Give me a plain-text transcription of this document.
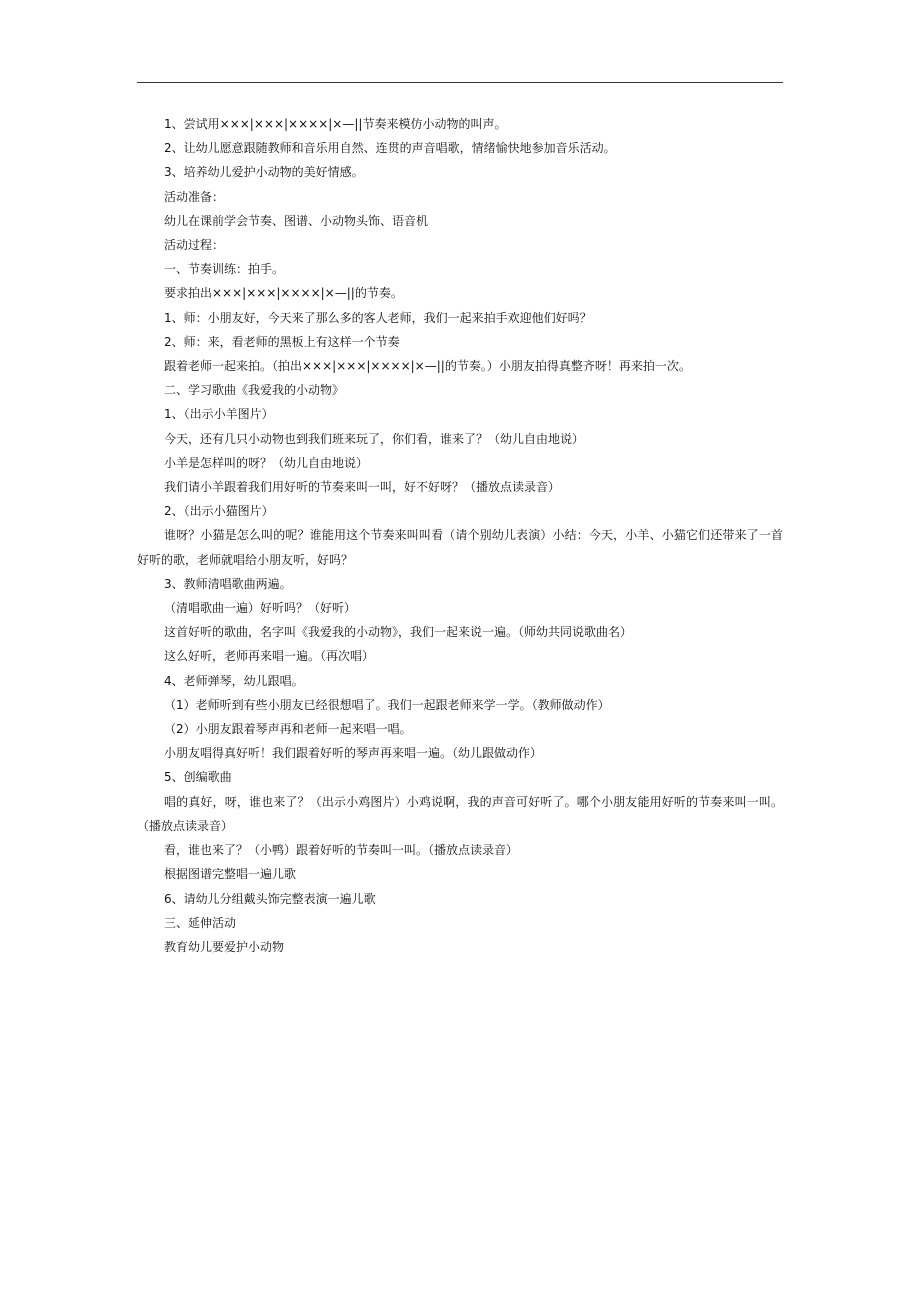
1、尝试用×××|×××|××××|×—||节奏来模仿小动物的叫声。
2、让幼儿愿意跟随教师和音乐用自然、连贯的声音唱歌，情绪愉快地参加音乐活动。
3、培养幼儿爱护小动物的美好情感。
活动准备：
幼儿在课前学会节奏、图谱、小动物头饰、语音机
活动过程：
一、节奏训练：拍手。
要求拍出×××|×××|××××|×—||的节奏。
1、师：小朋友好，今天来了那么多的客人老师，我们一起来拍手欢迎他们好吗？
2、师：来，看老师的黑板上有这样一个节奏
跟着老师一起来拍。（拍出×××|×××|××××|×—||的节奏。）小朋友拍得真整齐呀！再来拍一次。
二、学习歌曲《我爱我的小动物》
1、（出示小羊图片）
今天，还有几只小动物也到我们班来玩了，你们看，谁来了？（幼儿自由地说）
小羊是怎样叫的呀？（幼儿自由地说）
我们请小羊跟着我们用好听的节奏来叫一叫，好不好呀？（播放点读录音）
2、（出示小猫图片）
谁呀？小猫是怎么叫的呢？谁能用这个节奏来叫叫看（请个别幼儿表演）小结：今天，小羊、小猫它们还带来了一首好听的歌，老师就唱给小朋友听，好吗？
3、教师清唱歌曲两遍。
（清唱歌曲一遍）好听吗？（好听）
这首好听的歌曲，名字叫《我爱我的小动物》，我们一起来说一遍。（师幼共同说歌曲名）
这么好听，老师再来唱一遍。（再次唱）
4、老师弹琴，幼儿跟唱。
（1）老师听到有些小朋友已经很想唱了。我们一起跟老师来学一学。（教师做动作）
（2）小朋友跟着琴声再和老师一起来唱一唱。
小朋友唱得真好听！我们跟着好听的琴声再来唱一遍。（幼儿跟做动作）
5、创编歌曲
唱的真好，呀，谁也来了？（出示小鸡图片）小鸡说啊，我的声音可好听了。哪个小朋友能用好听的节奏来叫一叫。（播放点读录音）
看，谁也来了？（小鸭）跟着好听的节奏叫一叫。（播放点读录音）
根据图谱完整唱一遍儿歌
6、请幼儿分组戴头饰完整表演一遍儿歌
三、延伸活动
教育幼儿要爱护小动物
